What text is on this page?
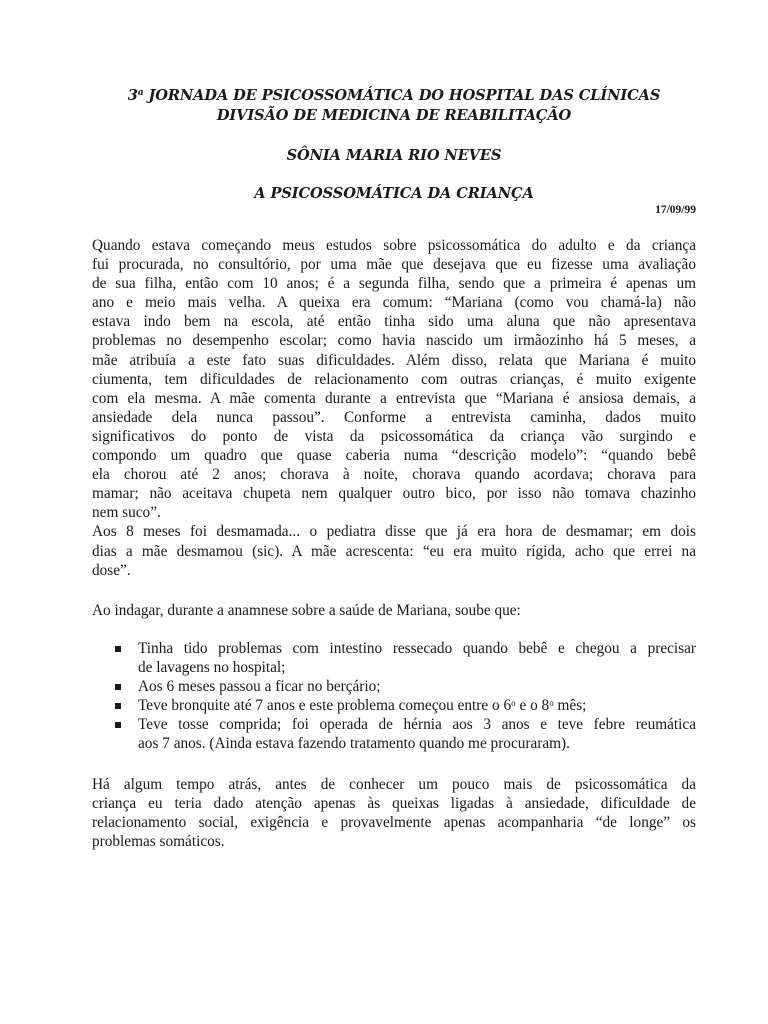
3$^a$ JORNADA DE PSICOSSOMÁTICA DO HOSPITAL DAS CLÍNICAS
DIVISÃO DE MEDICINA DE REABILITAÇÃO
SÔNIA MARIA RIO NEVES
A PSICOSSOMÁTICA DA CRIANÇA
17/09/99
Quando estava começando meus estudos sobre psicossomática do adulto e da criança
fui procurada, no consultório, por uma mãe que desejava que eu fizesse uma avaliação
de sua filha, então com 10 anos; é a segunda filha, sendo que a primeira é apenas um
ano e meio mais velha. A queixa era comum: “Mariana (como vou chamá-la) não
estava indo bem na escola, até então tinha sido uma aluna que não apresentava
problemas no desempenho escolar; como havia nascido um irmãozinho há 5 meses, a
mãe atribuía a este fato suas dificuldades. Além disso, relata que Mariana é muito
ciumenta, tem dificuldades de relacionamento com outras crianças, é muito exigente
com ela mesma. A mãe comenta durante a entrevista que “Mariana é ansiosa demais, a
ansiedade dela nunca passou”. Conforme a entrevista caminha, dados muito
significativos do ponto de vista da psicossomática da criança vão surgindo e
compondo um quadro que quase caberia numa “descrição modelo”: “quando bebê
ela chorou até 2 anos; chorava à noite, chorava quando acordava; chorava para
mamar; não aceitava chupeta nem qualquer outro bico, por isso não tomava chazinho
nem suco”.
Aos 8 meses foi desmamada... o pediatra disse que já era hora de desmamar; em dois
dias a mãe desmamou (sic). A mãe acrescenta: “eu era muito rígida, acho que errei na
dose”.
Ao indagar, durante a anamnese sobre a saúde de Mariana, soube que:
Tinha tido problemas com intestino ressecado quando bebê e chegou a precisar
de lavagens no hospital;
Aos 6 meses passou a ficar no berçário;
Teve bronquite até 7 anos e este problema começou entre o 6$^o$ e o 8$^o$ mês;
Teve tosse comprida; foi operada de hérnia aos 3 anos e teve febre reumática
aos 7 anos. (Ainda estava fazendo tratamento quando me procuraram).
Há algum tempo atrás, antes de conhecer um pouco mais de psicossomática da
criança eu teria dado atenção apenas às queixas ligadas à ansiedade, dificuldade de
relacionamento social, exigência e provavelmente apenas acompanharia “de longe” os
problemas somáticos.
